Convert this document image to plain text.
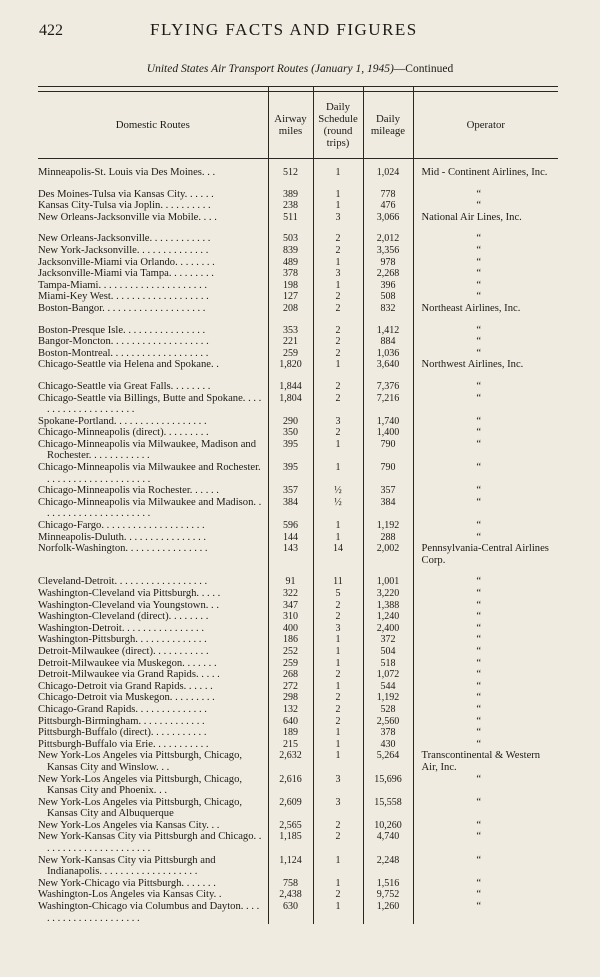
422	FLYING FACTS AND FIGURES
United States Air Transport Routes (January 1, 1945)—Continued

Domestic Routes	Airway miles	Daily Schedule (round trips)	Daily mileage	Operator

Minneapolis-St. Louis via Des Moines. . .	512	1	1,024	Mid - Continent Airlines, Inc.

Des Moines-Tulsa via Kansas City. . . . . .	389	1	778	“

Kansas City-Tulsa via Joplin. . . . . . . . . .	238	1	476	“

New Orleans-Jacksonville via Mobile. . . .	511	3	3,066	National Air Lines, Inc.

New Orleans-Jacksonville. . . . . . . . . . . .	503	2	2,012	“

New York-Jacksonville. . . . . . . . . . . . . .	839	2	3,356	“

Jacksonville-Miami via Orlando. . . . . . . .	489	1	978	“

Jacksonville-Miami via Tampa. . . . . . . . .	378	3	2,268	“

Tampa-Miami. . . . . . . . . . . . . . . . . . . . .	198	1	396	“

Miami-Key West. . . . . . . . . . . . . . . . . . .	127	2	508	“

Boston-Bangor. . . . . . . . . . . . . . . . . . . .	208	2	832	Northeast Airlines, Inc.

Boston-Presque Isle. . . . . . . . . . . . . . . .	353	2	1,412	“

Bangor-Moncton. . . . . . . . . . . . . . . . . . .	221	2	884	“

Boston-Montreal. . . . . . . . . . . . . . . . . . .	259	2	1,036	“

Chicago-Seattle via Helena and Spokane. .	1,820	1	3,640	Northwest Airlines, Inc.

Chicago-Seattle via Great Falls. . . . . . . .	1,844	2	7,376	“

Chicago-Seattle via Billings, Butte and Spokane. . . . . . . . . . . . . . . . . . . . .	1,804	2	7,216	“

Spokane-Portland. . . . . . . . . . . . . . . . . .	290	3	1,740	“

Chicago-Minneapolis (direct). . . . . . . . .	350	2	1,400	“

Chicago-Minneapolis via Milwaukee, Madison and Rochester. . . . . . . . . . . .	395	1	790	“

Chicago-Minneapolis via Milwaukee and Rochester. . . . . . . . . . . . . . . . . . . . .	395	1	790	“

Chicago-Minneapolis via Rochester. . . . . .	357	½	357	“

Chicago-Minneapolis via Milwaukee and Madison. . . . . . . . . . . . . . . . . . . . . .	384	½	384	“

Chicago-Fargo. . . . . . . . . . . . . . . . . . . .	596	1	1,192	“

Minneapolis-Duluth. . . . . . . . . . . . . . . .	144	1	288	“

Norfolk-Washington. . . . . . . . . . . . . . . .	143	14	2,002	Pennsylvania-Central Airlines Corp.

Cleveland-Detroit. . . . . . . . . . . . . . . . . .	91	11	1,001	“

Washington-Cleveland via Pittsburgh. . . . .	322	5	3,220	“

Washington-Cleveland via Youngstown. . .	347	2	1,388	“

Washington-Cleveland (direct). . . . . . . .	310	2	1,240	“

Washington-Detroit. . . . . . . . . . . . . . . .	400	3	2,400	“

Washington-Pittsburgh. . . . . . . . . . . . . .	186	1	372	“

Detroit-Milwaukee (direct). . . . . . . . . . .	252	1	504	“

Detroit-Milwaukee via Muskegon. . . . . . .	259	1	518	“

Detroit-Milwaukee via Grand Rapids. . . . .	268	2	1,072	“

Chicago-Detroit via Grand Rapids. . . . . .	272	1	544	“

Chicago-Detroit via Muskegon. . . . . . . . .	298	2	1,192	“

Chicago-Grand Rapids. . . . . . . . . . . . . .	132	2	528	“

Pittsburgh-Birmingham. . . . . . . . . . . . .	640	2	2,560	“

Pittsburgh-Buffalo (direct). . . . . . . . . . .	189	1	378	“

Pittsburgh-Buffalo via Erie. . . . . . . . . . .	215	1	430	“

New York-Los Angeles via Pittsburgh, Chicago, Kansas City and Winslow. . .	2,632	1	5,264	Transcontinental & Western Air, Inc.

New York-Los Angeles via Pittsburgh, Chicago, Kansas City and Phoenix. . .	2,616	3	15,696	“

New York-Los Angeles via Pittsburgh, Chicago, Kansas City and Albuquerque	2,609	3	15,558	“

New York-Los Angeles via Kansas City. . .	2,565	2	10,260	“

New York-Kansas City via Pittsburgh and Chicago. . . . . . . . . . . . . . . . . . . . . .	1,185	2	4,740	“

New York-Kansas City via Pittsburgh and Indianapolis. . . . . . . . . . . . . . . . . . .	1,124	1	2,248	“

New York-Chicago via Pittsburgh. . . . . . .	758	1	1,516	“

Washington-Los Angeles via Kansas City. .	2,438	2	9,752	“

Washington-Chicago via Columbus and Dayton. . . . . . . . . . . . . . . . . . . . . .	630	1	1,260	“
